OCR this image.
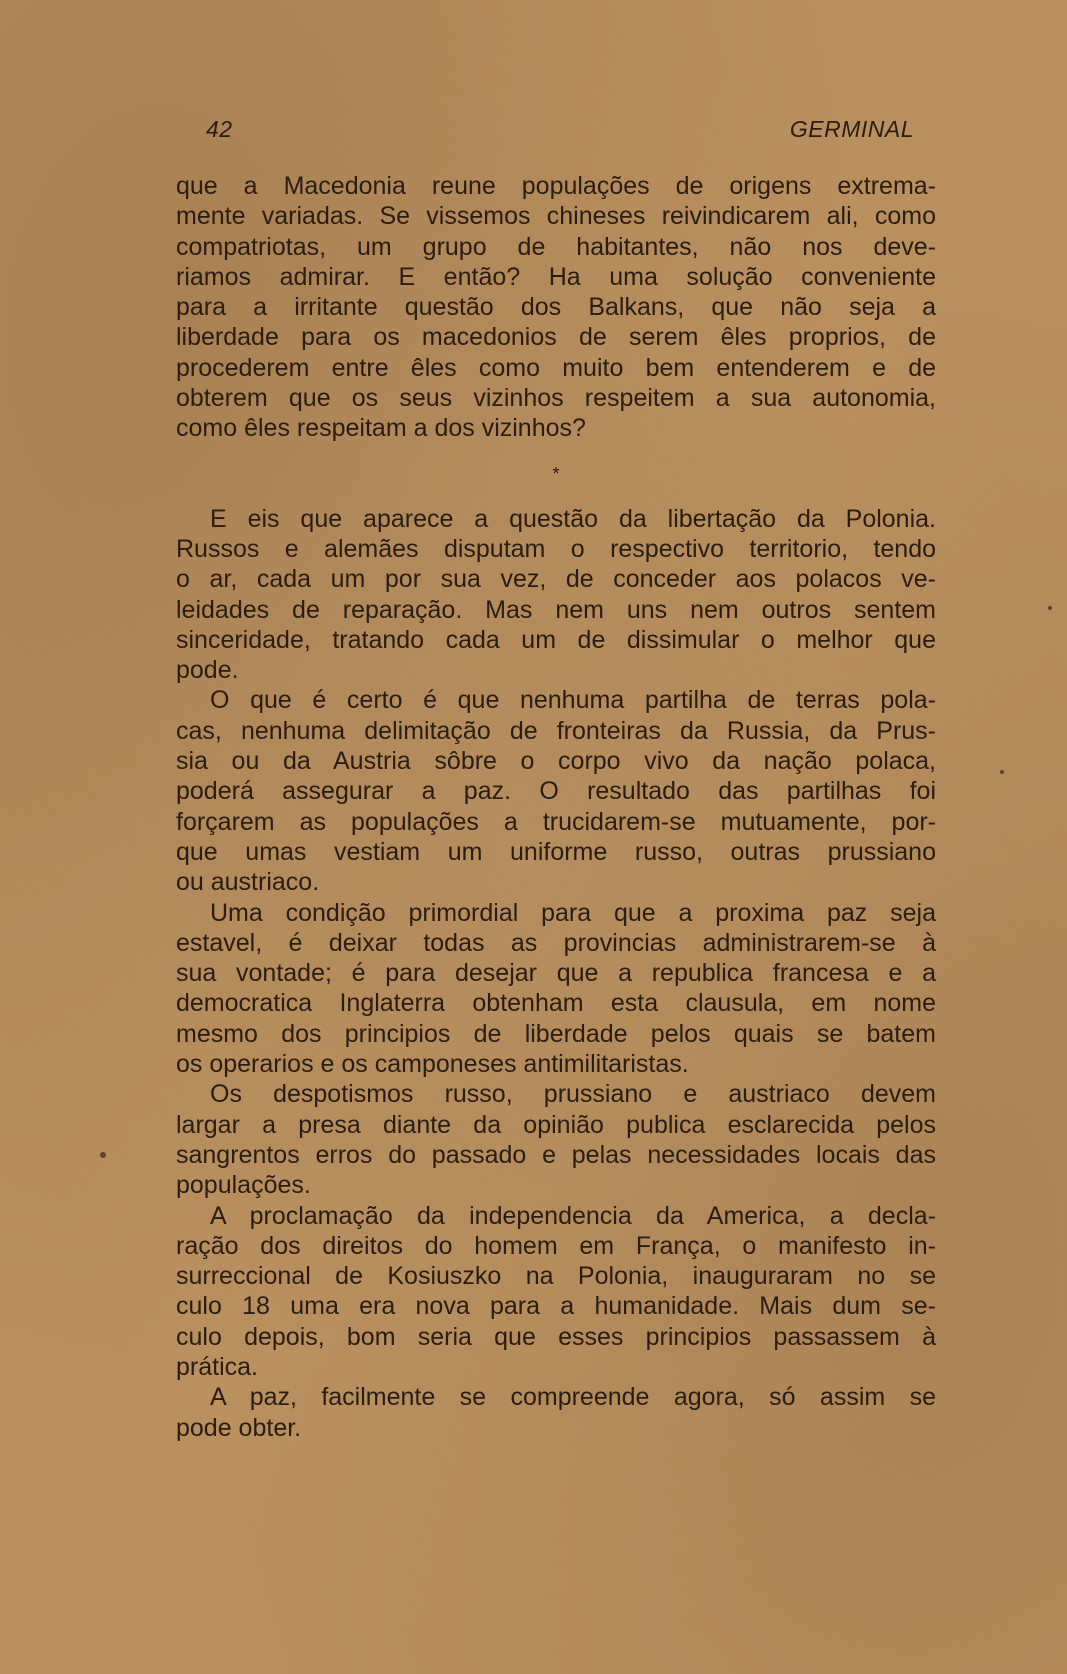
42	GERMINAL
que a Macedonia reune populações de origens extrema-
mente variadas. Se vissemos chineses reivindicarem ali, como
compatriotas, um grupo de habitantes, não nos deve-
riamos admirar. E então? Ha uma solução conveniente
para a irritante questão dos Balkans, que não seja a
liberdade para os macedonios de serem êles proprios, de
procederem entre êles como muito bem entenderem e de
obterem que os seus vizinhos respeitem a sua autonomia,
como êles respeitam a dos vizinhos?
*
E eis que aparece a questão da libertação da Polonia.
Russos e alemães disputam o respectivo territorio, tendo
o ar, cada um por sua vez, de conceder aos polacos ve-
leidades de reparação. Mas nem uns nem outros sentem
sinceridade, tratando cada um de dissimular o melhor que
pode.
O que é certo é que nenhuma partilha de terras pola-
cas, nenhuma delimitação de fronteiras da Russia, da Prus-
sia ou da Austria sôbre o corpo vivo da nação polaca,
poderá assegurar a paz. O resultado das partilhas foi
forçarem as populações a trucidarem-se mutuamente, por-
que umas vestiam um uniforme russo, outras prussiano
ou austriaco.
Uma condição primordial para que a proxima paz seja
estavel, é deixar todas as provincias administrarem-se à
sua vontade; é para desejar que a republica francesa e a
democratica Inglaterra obtenham esta clausula, em nome
mesmo dos principios de liberdade pelos quais se batem
os operarios e os camponeses antimilitaristas.
Os despotismos russo, prussiano e austriaco devem
largar a presa diante da opinião publica esclarecida pelos
sangrentos erros do passado e pelas necessidades locais das
populações.
A proclamação da independencia da America, a decla-
ração dos direitos do homem em França, o manifesto in-
surreccional de Kosiuszko na Polonia, inauguraram no se
culo 18 uma era nova para a humanidade. Mais dum se-
culo depois, bom seria que esses principios passassem à
prática.
A paz, facilmente se compreende agora, só assim se
pode obter.
